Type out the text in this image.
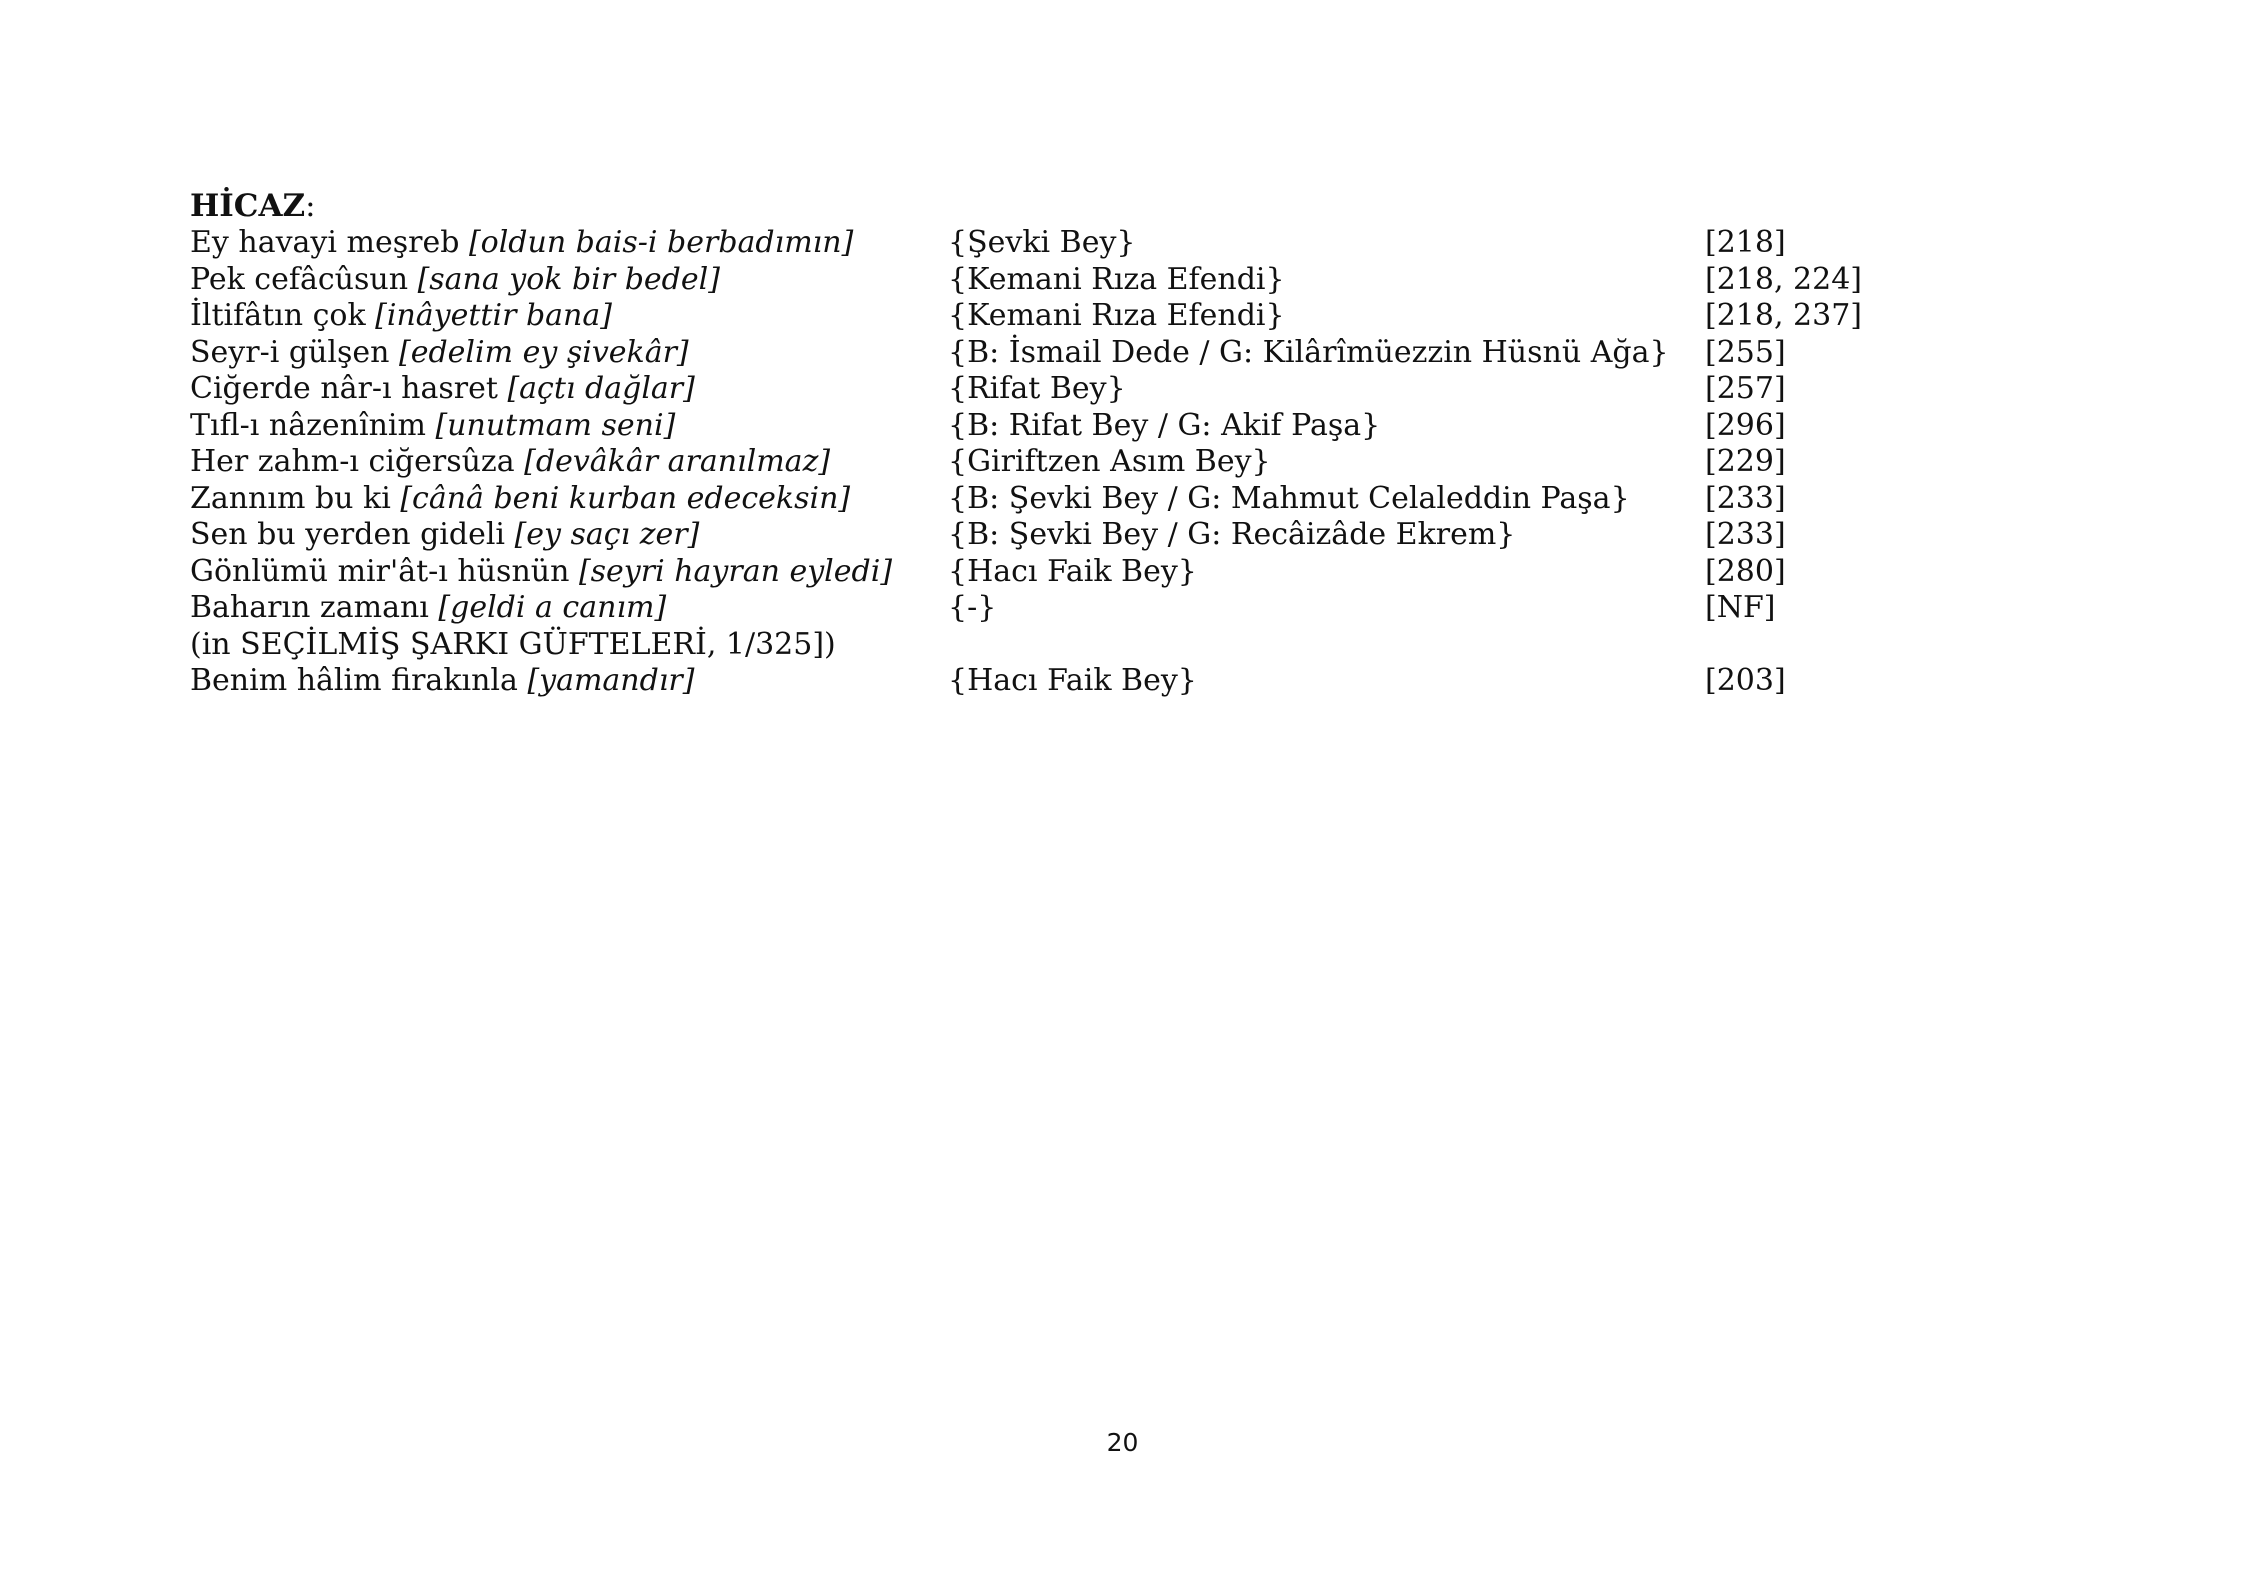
HİCAZ:
Ey havayi meşreb [oldun bais-i berbadımın]	{Şevki Bey}	[218]
Pek cefâcûsun [sana yok bir bedel]	{Kemani Rıza Efendi}	[218, 224]
İltifâtın çok [inâyettir bana]	{Kemani Rıza Efendi}	[218, 237]
Seyr-i gülşen [edelim ey şivekâr]	{B: İsmail Dede / G: Kilârîmüezzin Hüsnü Ağa} [255]
Ciğerde nâr-ı hasret [açtı dağlar]	{Rifat Bey}	[257]
Tıfl-ı nâzenînim [unutmam seni]	{B: Rifat Bey / G: Akif Paşa}	[296]
Her zahm-ı ciğersûza [devâkâr aranılmaz]	{Giriftzen Asım Bey}	[229]
Zannım bu ki [cânâ beni kurban edeceksin]	{B: Şevki Bey / G: Mahmut Celaleddin Paşa}	[233]
Sen bu yerden gideli [ey saçı zer]	{B: Şevki Bey / G: Recâizâde Ekrem}	[233]
Gönlümü mir'ât-ı hüsnün [seyri hayran eyledi] {Hacı Faik Bey}	[280]
Baharın zamanı [geldi a canım]	{-}	[NF]
(in SEÇİLMİŞ ŞARKI GÜFTELERİ, 1/325])
Benim hâlim firakınla [yamandır]	{Hacı Faik Bey}	[203]
20
